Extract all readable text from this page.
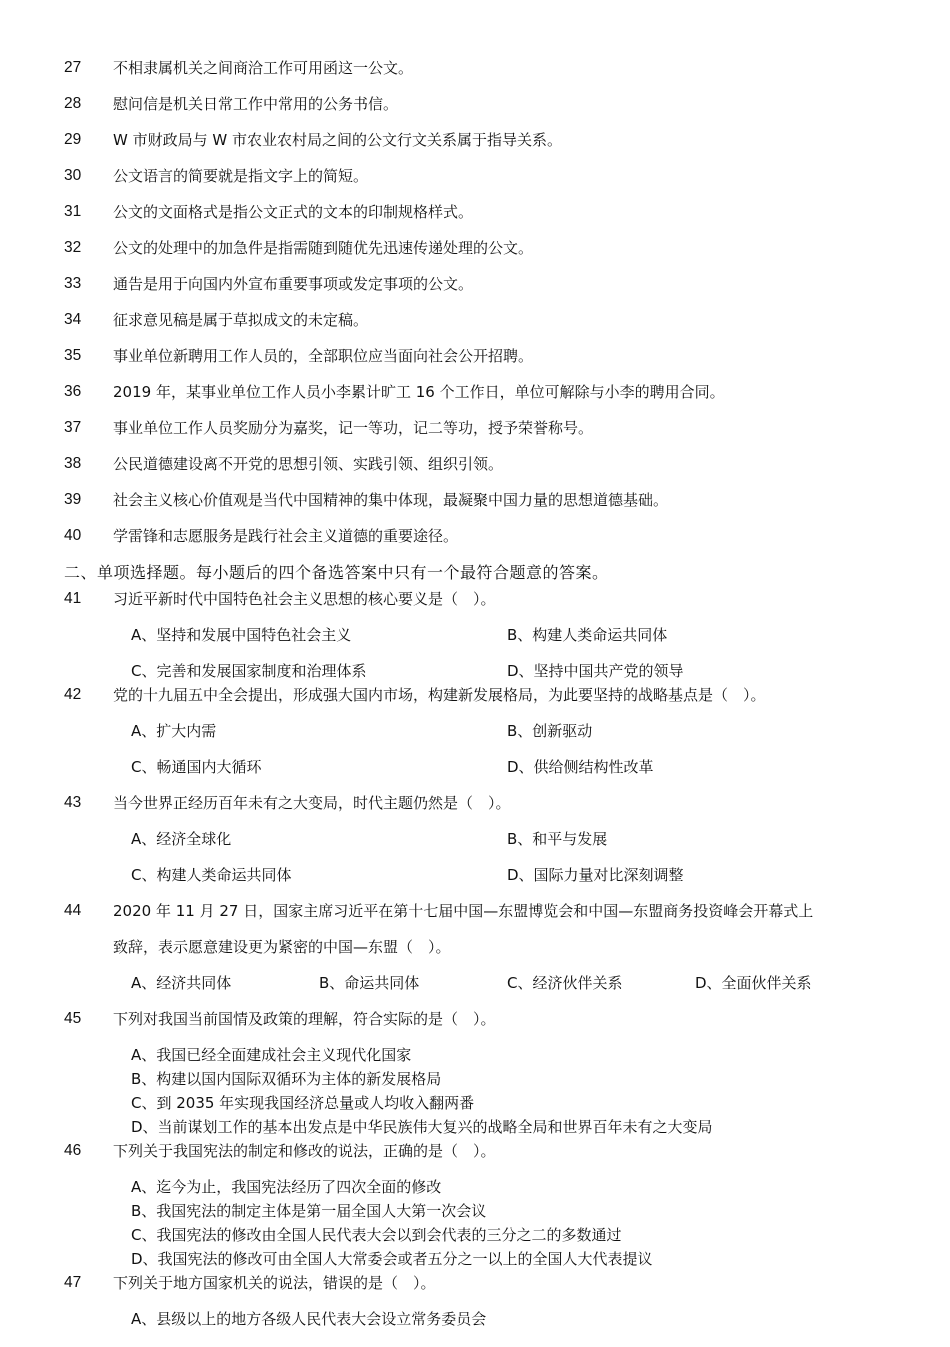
27	不相隶属机关之间商洽工作可用函这一公文。
28	慰问信是机关日常工作中常用的公务书信。
29	W 市财政局与 W 市农业农村局之间的公文行文关系属于指导关系。
30	公文语言的简要就是指文字上的简短。
31	公文的文面格式是指公文正式的文本的印制规格样式。
32	公文的处理中的加急件是指需随到随优先迅速传递处理的公文。
33	通告是用于向国内外宣布重要事项或发定事项的公文。
34	征求意见稿是属于草拟成文的未定稿。
35	事业单位新聘用工作人员的，全部职位应当面向社会公开招聘。
36	2019 年，某事业单位工作人员小李累计旷工 16 个工作日，单位可解除与小李的聘用合同。
37	事业单位工作人员奖励分为嘉奖，记一等功，记二等功，授予荣誉称号。
38	公民道德建设离不开党的思想引领、实践引领、组织引领。
39	社会主义核心价值观是当代中国精神的集中体现，最凝聚中国力量的思想道德基础。
40	学雷锋和志愿服务是践行社会主义道德的重要途径。
二、单项选择题。每小题后的四个备选答案中只有一个最符合题意的答案。
41	习近平新时代中国特色社会主义思想的核心要义是（　）。
A、坚持和发展中国特色社会主义	B、构建人类命运共同体
C、完善和发展国家制度和治理体系	D、坚持中国共产党的领导
42	党的十九届五中全会提出，形成强大国内市场，构建新发展格局，为此要坚持的战略基点是（　）。
A、扩大内需	B、创新驱动
C、畅通国内大循环	D、供给侧结构性改革
43	当今世界正经历百年未有之大变局，时代主题仍然是（　）。
A、经济全球化	B、和平与发展
C、构建人类命运共同体	D、国际力量对比深刻调整
44	2020 年 11 月 27 日，国家主席习近平在第十七届中国—东盟博览会和中国—东盟商务投资峰会开幕式上
致辞，表示愿意建设更为紧密的中国—东盟（　）。
A、经济共同体	B、命运共同体	C、经济伙伴关系	D、全面伙伴关系
45	下列对我国当前国情及政策的理解，符合实际的是（　）。
A、我国已经全面建成社会主义现代化国家
B、构建以国内国际双循环为主体的新发展格局
C、到 2035 年实现我国经济总量或人均收入翻两番
D、当前谋划工作的基本出发点是中华民族伟大复兴的战略全局和世界百年未有之大变局
46	下列关于我国宪法的制定和修改的说法，正确的是（　）。
A、迄今为止，我国宪法经历了四次全面的修改
B、我国宪法的制定主体是第一届全国人大第一次会议
C、我国宪法的修改由全国人民代表大会以到会代表的三分之二的多数通过
D、我国宪法的修改可由全国人大常委会或者五分之一以上的全国人大代表提议
47	下列关于地方国家机关的说法，错误的是（　）。
A、县级以上的地方各级人民代表大会设立常务委员会
